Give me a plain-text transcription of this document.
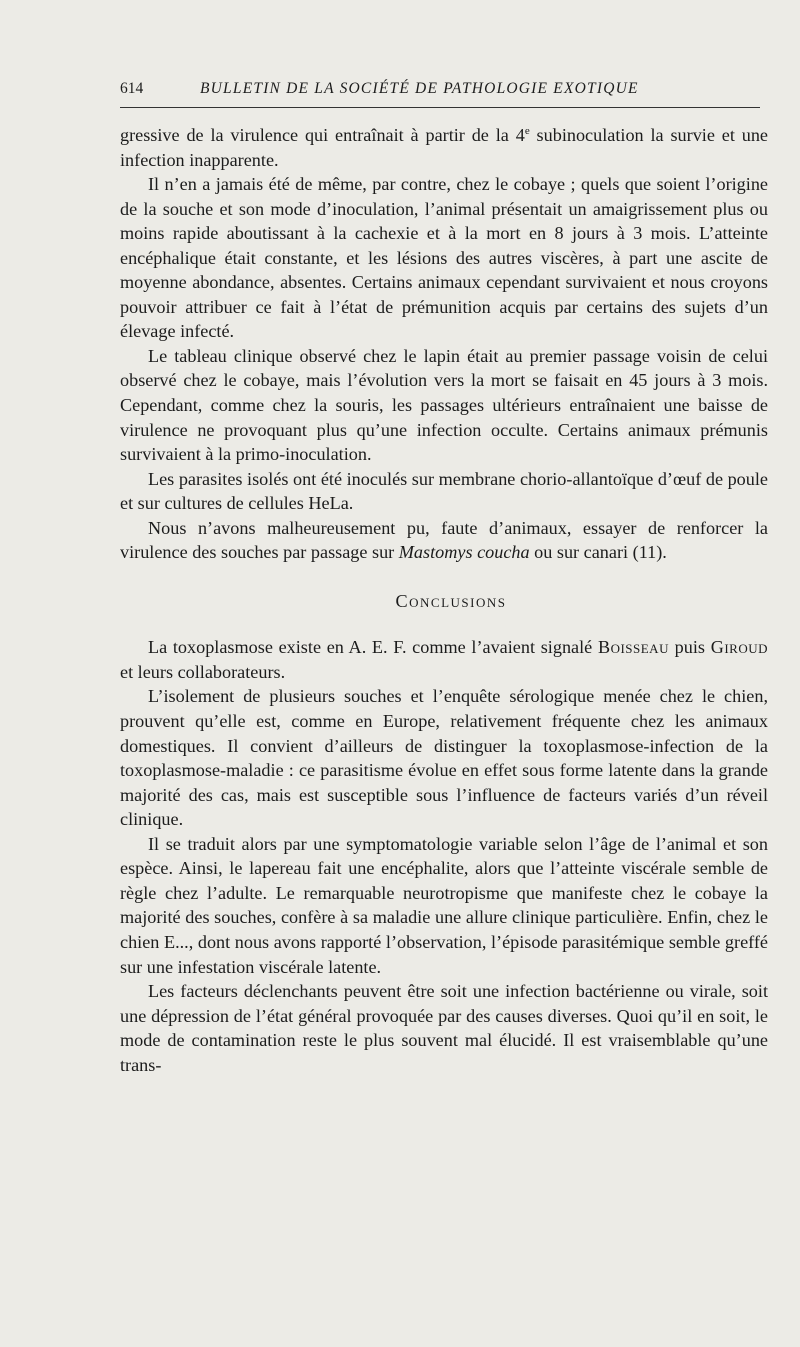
614	BULLETIN DE LA SOCIÉTÉ DE PATHOLOGIE EXOTIQUE

gressive de la virulence qui entraînait à partir de la 4e subinoculation la survie et une infection inapparente.

Il n’en a jamais été de même, par contre, chez le cobaye ; quels que soient l’origine de la souche et son mode d’inoculation, l’animal présentait un amaigrissement plus ou moins rapide aboutissant à la cachexie et à la mort en 8 jours à 3 mois. L’atteinte encéphalique était constante, et les lésions des autres viscères, à part une ascite de moyenne abondance, absentes. Certains animaux cependant survivaient et nous croyons pouvoir attribuer ce fait à l’état de prémunition acquis par certains des sujets d’un élevage infecté.

Le tableau clinique observé chez le lapin était au premier passage voisin de celui observé chez le cobaye, mais l’évolution vers la mort se faisait en 45 jours à 3 mois. Cependant, comme chez la souris, les passages ultérieurs entraînaient une baisse de virulence ne provoquant plus qu’une infection occulte. Certains animaux prémunis survivaient à la primo-inoculation.

Les parasites isolés ont été inoculés sur membrane chorio-allantoïque d’œuf de poule et sur cultures de cellules HeLa.

Nous n’avons malheureusement pu, faute d’animaux, essayer de renforcer la virulence des souches par passage sur Mastomys coucha ou sur canari (11).

Conclusions

La toxoplasmose existe en A. E. F. comme l’avaient signalé Boisseau puis Giroud et leurs collaborateurs.

L’isolement de plusieurs souches et l’enquête sérologique menée chez le chien, prouvent qu’elle est, comme en Europe, relativement fréquente chez les animaux domestiques. Il convient d’ailleurs de distinguer la toxoplasmose-infection de la toxoplasmose-maladie : ce parasitisme évolue en effet sous forme latente dans la grande majorité des cas, mais est susceptible sous l’influence de facteurs variés d’un réveil clinique.

Il se traduit alors par une symptomatologie variable selon l’âge de l’animal et son espèce. Ainsi, le lapereau fait une encéphalite, alors que l’atteinte viscérale semble de règle chez l’adulte. Le remarquable neurotropisme que manifeste chez le cobaye la majorité des souches, confère à sa maladie une allure clinique particulière. Enfin, chez le chien E..., dont nous avons rapporté l’observation, l’épisode parasitémique semble greffé sur une infestation viscérale latente.

Les facteurs déclenchants peuvent être soit une infection bactérienne ou virale, soit une dépression de l’état général provoquée par des causes diverses. Quoi qu’il en soit, le mode de contamination reste le plus souvent mal élucidé. Il est vraisemblable qu’une trans-
